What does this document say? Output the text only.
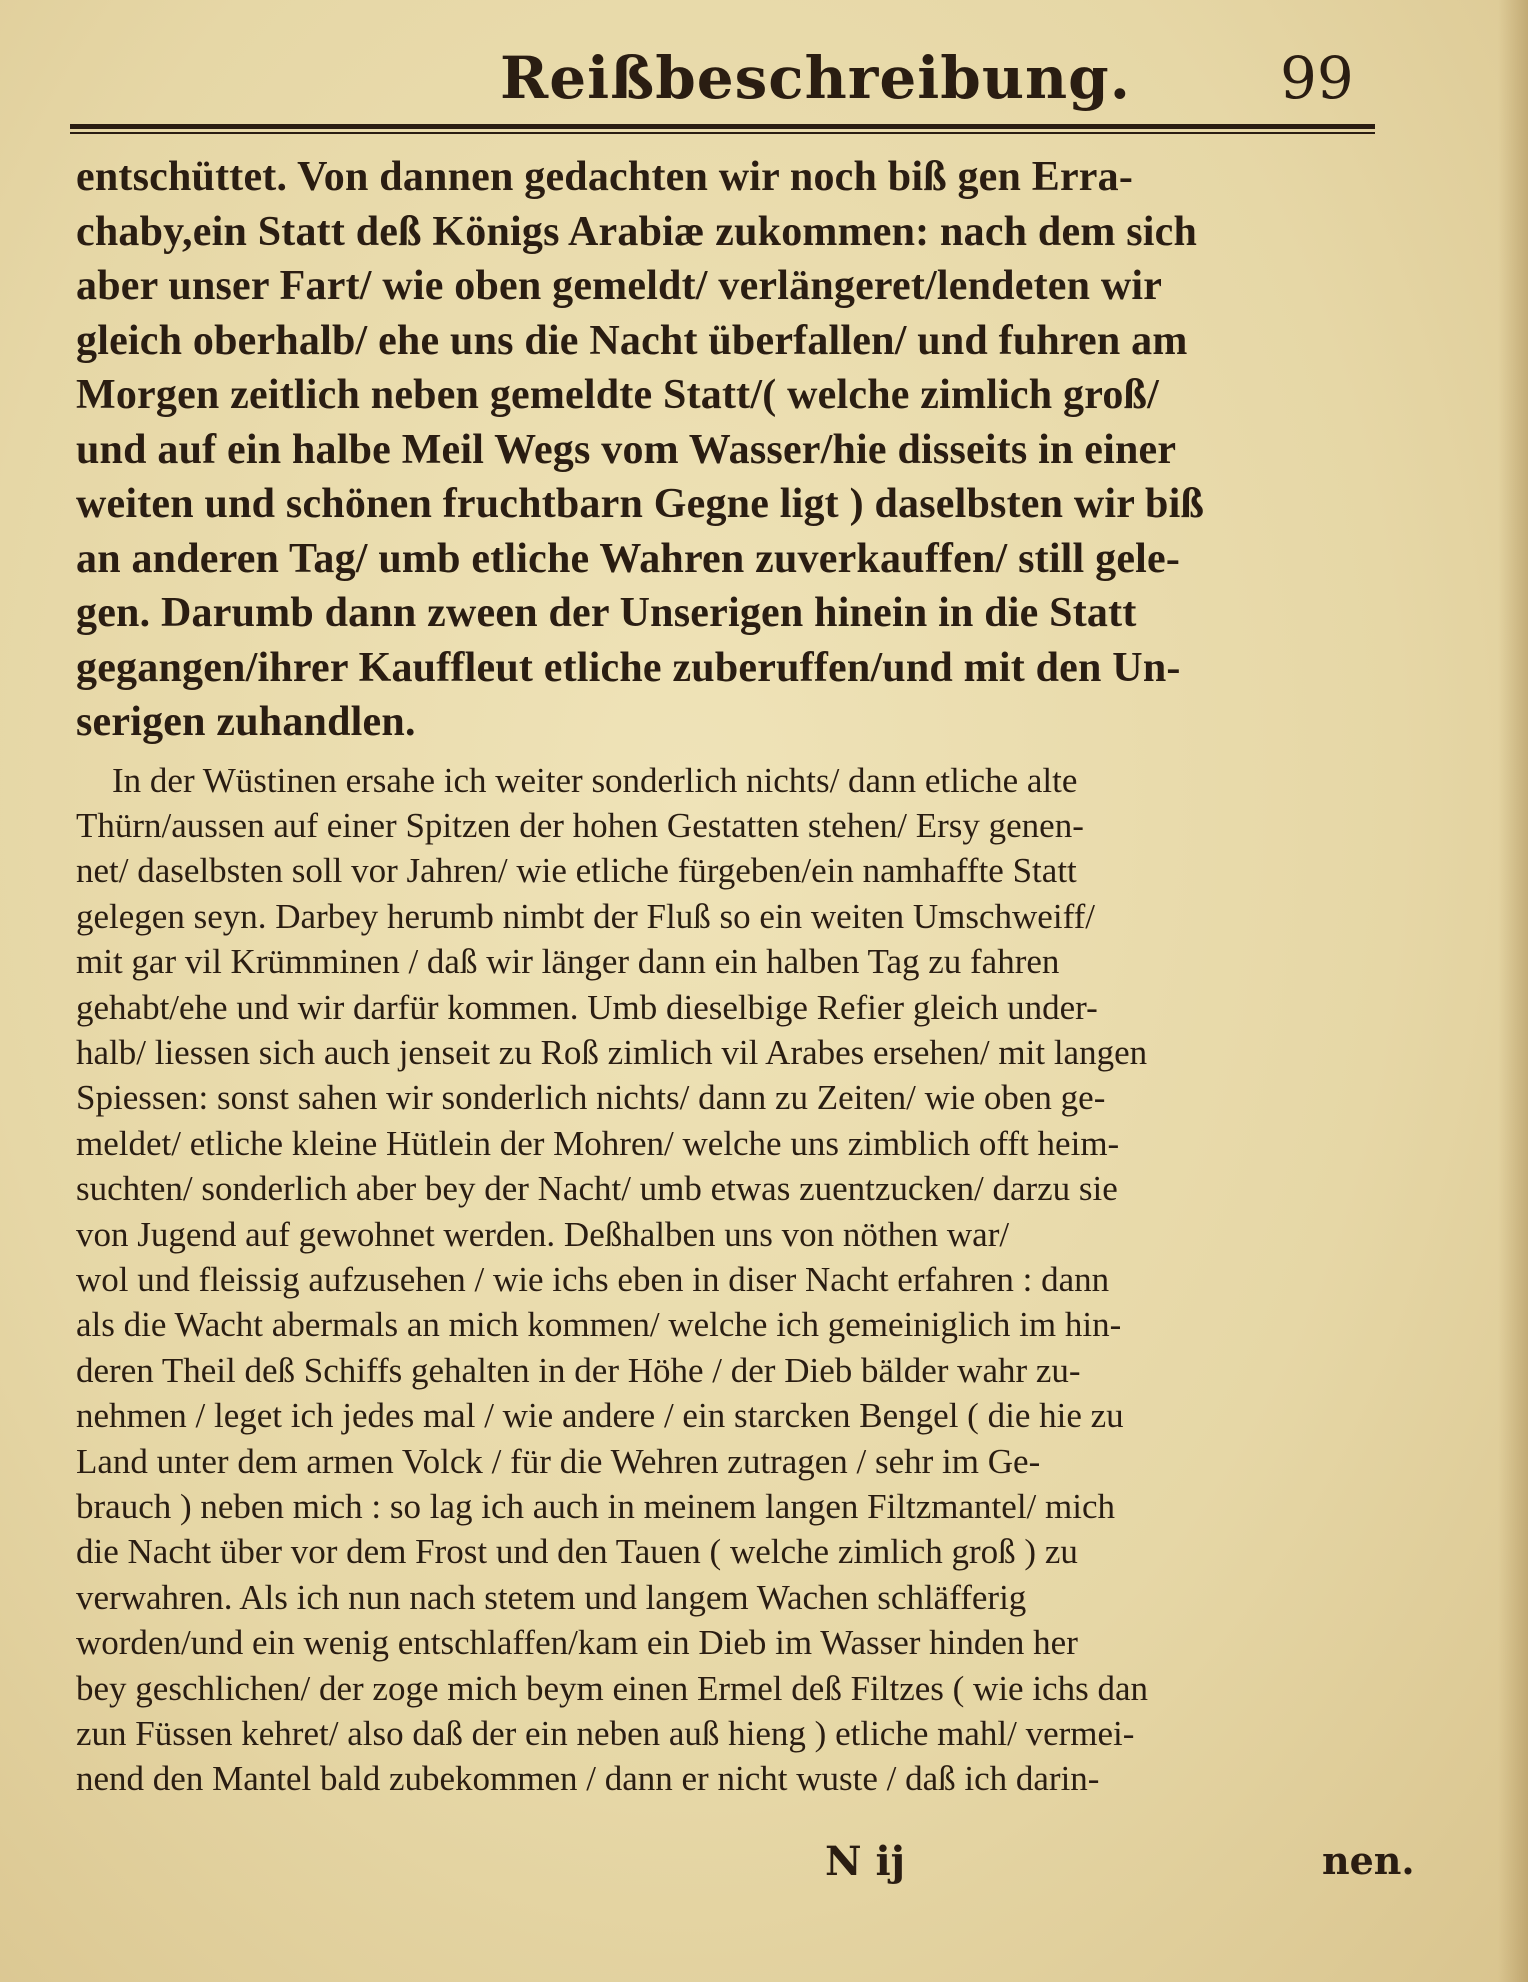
Reißbeschreibung.	99
entschüttet. Von dannen gedachten wir noch biß gen Erra-
chaby,ein Statt deß Königs Arabiæ zukommen: nach dem sich
aber unser Fart/ wie oben gemeldt/ verlängeret/lendeten wir
gleich oberhalb/ ehe uns die Nacht überfallen/ und fuhren am
Morgen zeitlich neben gemeldte Statt/( welche zimlich groß/
und auf ein halbe Meil Wegs vom Wasser/hie disseits in einer
weiten und schönen fruchtbarn Gegne ligt ) daselbsten wir biß
an anderen Tag/ umb etliche Wahren zuverkauffen/ still gele-
gen. Darumb dann zween der Unserigen hinein in die Statt
gegangen/ihrer Kauffleut etliche zuberuffen/und mit den Un-
serigen zuhandlen.
In der Wüstinen ersahe ich weiter sonderlich nichts/ dann etliche alte
Thürn/aussen auf einer Spitzen der hohen Gestatten stehen/ Ersy genen-
net/ daselbsten soll vor Jahren/ wie etliche fürgeben/ein namhaffte Statt
gelegen seyn. Darbey herumb nimbt der Fluß so ein weiten Umschweiff/
mit gar vil Krümminen / daß wir länger dann ein halben Tag zu fahren
gehabt/ehe und wir darfür kommen. Umb dieselbige Refier gleich under-
halb/ liessen sich auch jenseit zu Roß zimlich vil Arabes ersehen/ mit langen
Spiessen: sonst sahen wir sonderlich nichts/ dann zu Zeiten/ wie oben ge-
meldet/ etliche kleine Hütlein der Mohren/ welche uns zimblich offt heim-
suchten/ sonderlich aber bey der Nacht/ umb etwas zuentzucken/ darzu sie
von Jugend auf gewohnet werden. Deßhalben uns von nöthen war/
wol und fleissig aufzusehen / wie ichs eben in diser Nacht erfahren : dann
als die Wacht abermals an mich kommen/ welche ich gemeiniglich im hin-
deren Theil deß Schiffs gehalten in der Höhe / der Dieb bälder wahr zu-
nehmen / leget ich jedes mal / wie andere / ein starcken Bengel ( die hie zu
Land unter dem armen Volck / für die Wehren zutragen / sehr im Ge-
brauch ) neben mich : so lag ich auch in meinem langen Filtzmantel/ mich
die Nacht über vor dem Frost und den Tauen ( welche zimlich groß ) zu
verwahren. Als ich nun nach stetem und langem Wachen schläfferig
worden/und ein wenig entschlaffen/kam ein Dieb im Wasser hinden her
bey geschlichen/ der zoge mich beym einen Ermel deß Filtzes ( wie ichs dan
zun Füssen kehret/ also daß der ein neben auß hieng ) etliche mahl/ vermei-
nend den Mantel bald zubekommen / dann er nicht wuste / daß ich darin-
N ij	nen.
